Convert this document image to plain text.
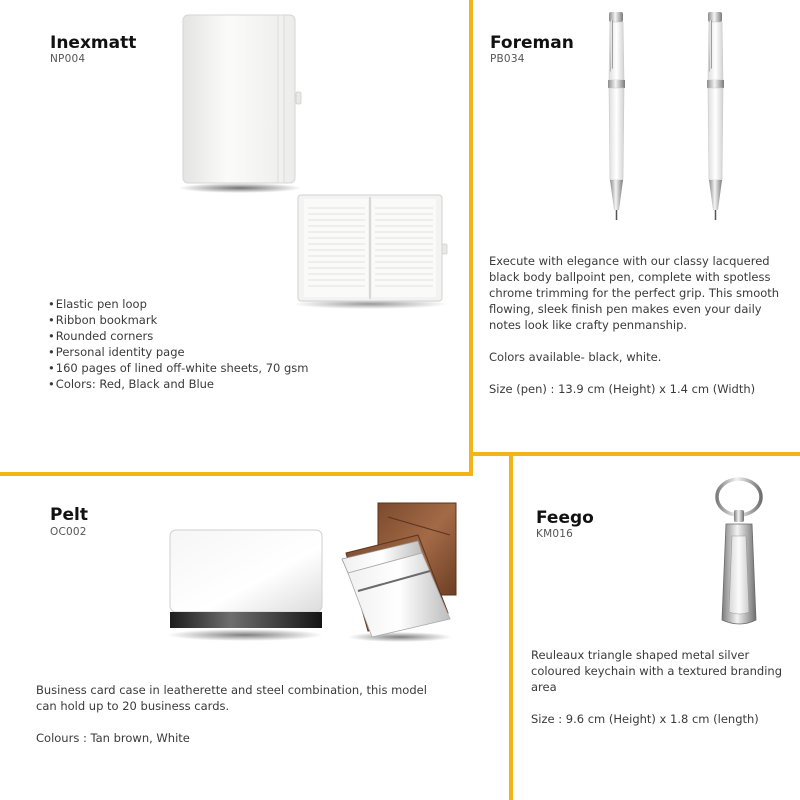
Inexmatt
NP004
• Elastic pen loop
• Ribbon bookmark
• Rounded corners
• Personal identity page
• 160 pages of lined off-white sheets, 70 gsm
• Colors: Red, Black and Blue
Foreman
PB034

Execute with elegance with our classy lacquered black body ballpoint pen, complete with spotless chrome trimming for the perfect grip. This smooth flowing, sleek finish pen makes even your daily notes look like crafty penmanship.

Colors available- black, white.

Size (pen) : 13.9 cm (Height) x 1.4 cm (Width)

Pelt
OC002

Business card case in leatherette and steel combination, this model can hold up to 20 business cards.

Colours : Tan brown, White

Feego
KM016

Reuleaux triangle shaped metal silver coloured keychain with a textured branding area

Size : 9.6 cm (Height) x 1.8 cm (length)
